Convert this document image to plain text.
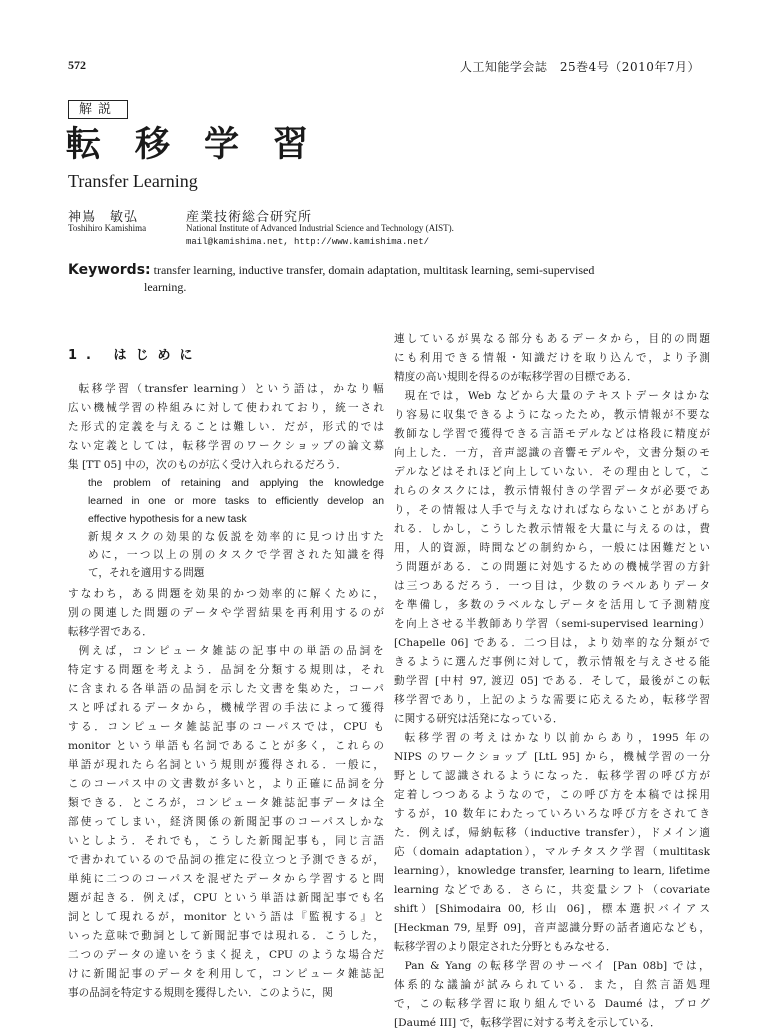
572	人工知能学会誌　25巻4号（2010年7月）
解説
転移学習
Transfer Learning
神嶌　敏弘
Toshihiro Kamishima
産業技術総合研究所
National Institute of Advanced Industrial Science and Technology (AIST).
mail@kamishima.net, http://www.kamishima.net/
Keywords: transfer learning, inductive transfer, domain adaptation, multitask learning, semi-supervised
learning.
1. はじめに
転移学習（transfer learning）という語は，かなり幅
広い機械学習の枠組みに対して使われており，統一され
た形式的定義を与えることは難しい．だが，形式的では
ない定義としては，転移学習のワークショップの論文募
集 [TT 05] 中の，次のものが広く受け入れられるだろう．
the problem of retaining and applying the knowledge
learned in one or more tasks to efficiently develop an
effective hypothesis for a new task
新規タスクの効果的な仮説を効率的に見つけ出すた
めに，一つ以上の別のタスクで学習された知識を得
て，それを適用する問題
すなわち，ある問題を効果的かつ効率的に解くために，
別の関連した問題のデータや学習結果を再利用するのが
転移学習である．
例えば，コンピュータ雑誌の記事中の単語の品詞を
特定する問題を考えよう．品詞を分類する規則は，それ
に含まれる各単語の品詞を示した文書を集めた，コーパ
スと呼ばれるデータから，機械学習の手法によって獲得
する．コンピュータ雑誌記事のコーパスでは，CPU も
monitor という単語も名詞であることが多く，これらの
単語が現れたら名詞という規則が獲得される．一般に，
このコーパス中の文書数が多いと，より正確に品詞を分
類できる．ところが，コンピュータ雑誌記事データは全
部使ってしまい，経済関係の新聞記事のコーパスしかな
いとしよう．それでも，こうした新聞記事も，同じ言語
で書かれているので品詞の推定に役立つと予測できるが，
単純に二つのコーパスを混ぜたデータから学習すると問
題が起きる．例えば，CPU という単語は新聞記事でも名
詞として現れるが，monitor という語は『監視する』と
いった意味で動詞として新聞記事では現れる．こうした，
二つのデータの違いをうまく捉え，CPU のような場合だ
けに新聞記事のデータを利用して，コンピュータ雑誌記
事の品詞を特定する規則を獲得したい．このように，関
連しているが異なる部分もあるデータから，目的の問題
にも利用できる情報・知識だけを取り込んで，より予測
精度の高い規則を得るのが転移学習の目標である．
現在では，Web などから大量のテキストデータはかな
り容易に収集できるようになったため，教示情報が不要な
教師なし学習で獲得できる言語モデルなどは格段に精度が
向上した．一方，音声認識の音響モデルや，文書分類のモ
デルなどはそれほど向上していない．その理由として，こ
れらのタスクには，教示情報付きの学習データが必要であ
り，その情報は人手で与えなければならないことがあげら
れる．しかし，こうした教示情報を大量に与えるのは，費
用，人的資源，時間などの制約から，一般には困難だとい
う問題がある．この問題に対処するための機械学習の方針
は三つあるだろう．一つ目は，少数のラベルありデータ
を準備し，多数のラベルなしデータを活用して予測精度
を向上させる半教師あり学習（semi-supervised learning）
[Chapelle 06] である．二つ目は，より効率的な分類がで
きるように選んだ事例に対して，教示情報を与えさせる能
動学習 [中村 97, 渡辺 05] である．そして，最後がこの転
移学習であり，上記のような需要に応えるため，転移学習
に関する研究は活発になっている．
転移学習の考えはかなり以前からあり，1995 年の
NIPS のワークショップ [LtL 95] から，機械学習の一分
野として認識されるようになった．転移学習の呼び方が
定着しつつあるようなので，この呼び方を本稿では採用
するが，10 数年にわたっていろいろな呼び方をされてき
た．例えば，帰納転移（inductive transfer），ドメイン適
応（domain adaptation），マルチタスク学習（multitask
learning），knowledge transfer, learning to learn, lifetime
learning などである．さらに，共変量シフト（covariate
shift）[Shimodaira 00, 杉山 06]，標本選択バイアス
[Heckman 79, 星野 09]，音声認識分野の話者適応なども，
転移学習のより限定された分野ともみなせる．
Pan & Yang の転移学習のサーベイ [Pan 08b] では，
体系的な議論が試みられている．また，自然言語処理
で，この転移学習に取り組んでいる Daumé は，ブログ
[Daumé III] で，転移学習に対する考えを示している．
